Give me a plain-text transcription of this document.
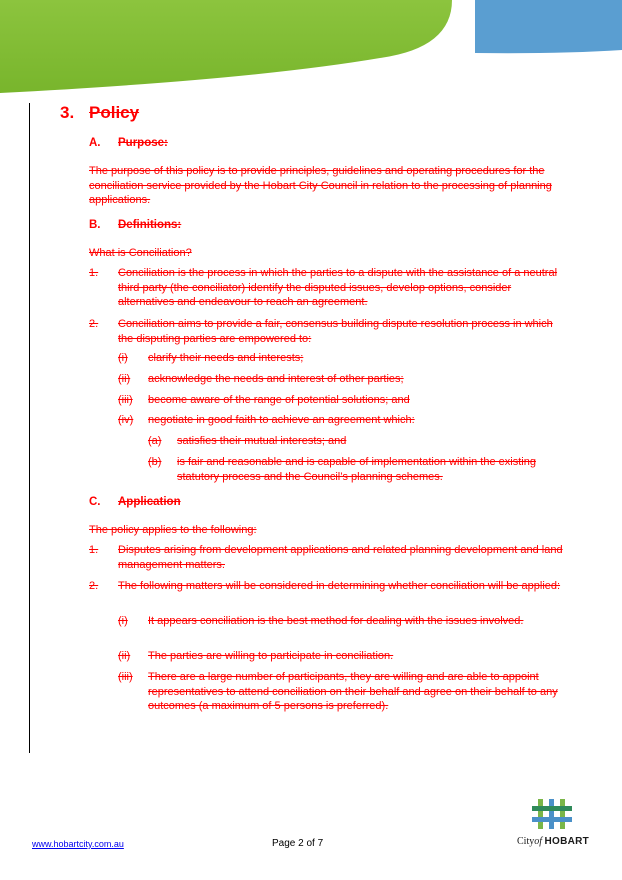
3. Policy
A. Purpose:
The purpose of this policy is to provide principles, guidelines and operating procedures for the conciliation service provided by the Hobart City Council in relation to the processing of planning applications.
B. Definitions:
What is Conciliation?
1.	Conciliation is the process in which the parties to a dispute with the assistance of a neutral third party (the conciliator) identify the disputed issues, develop options, consider alternatives and endeavour to reach an agreement.
2.	Conciliation aims to provide a fair, consensus building dispute resolution process in which the disputing parties are empowered to:
(i)	clarify their needs and interests;
(ii)	acknowledge the needs and interest of other parties;
(iii)	become aware of the range of potential solutions; and
(iv)	negotiate in good faith to achieve an agreement which:
(a)	satisfies their mutual interests; and
(b)	is fair and reasonable and is capable of implementation within the existing statutory process and the Council’s planning schemes.
C. Application
The policy applies to the following:
1.	Disputes arising from development applications and related planning development and land management matters.
2.	The following matters will be considered in determining whether conciliation will be applied:
(i)	It appears conciliation is the best method for dealing with the issues involved.
(ii)	The parties are willing to participate in conciliation.
(iii)	There are a large number of participants, they are willing and are able to appoint representatives to attend conciliation on their behalf and agree on their behalf to any outcomes (a maximum of 5 persons is preferred).
www.hobartcity.com.au	Page 2 of 7	Cityof HOBART
